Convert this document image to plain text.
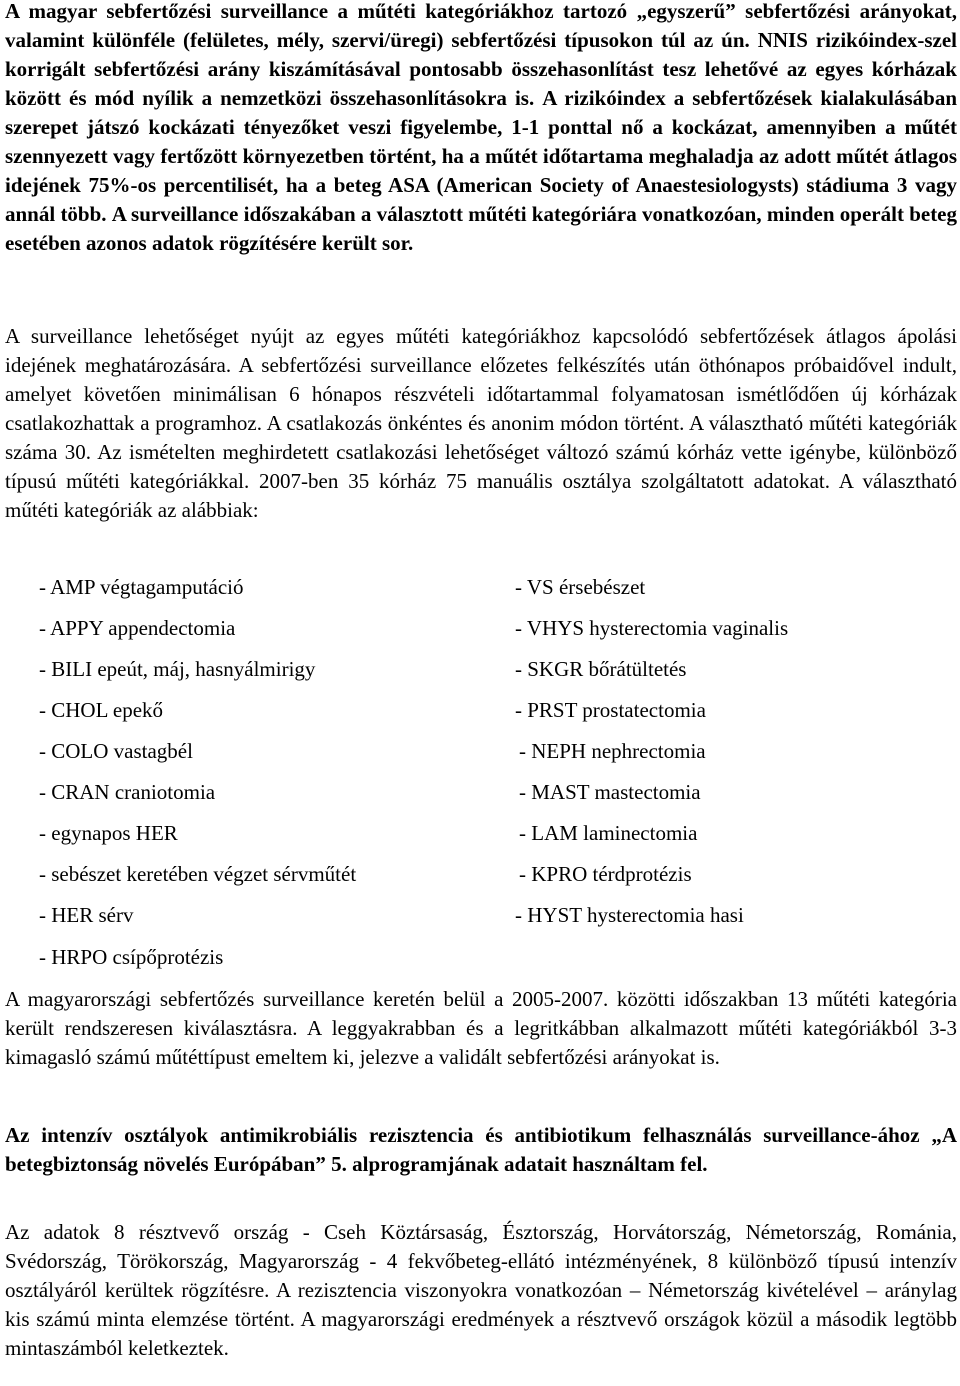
A magyar sebfertőzési surveillance a műtéti kategóriákhoz tartozó „egyszerű” sebfertőzési arányokat, valamint különféle (felületes, mély, szervi/üregi) sebfertőzési típusokon túl az ún. NNIS rizikóindex-szel korrigált sebfertőzési arány kiszámításával pontosabb összehasonlítást tesz lehetővé az egyes kórházak között és mód nyílik a nemzetközi összehasonlításokra is. A rizikóindex a sebfertőzések kialakulásában szerepet játszó kockázati tényezőket veszi figyelembe, 1-1 ponttal nő a kockázat, amennyiben a műtét szennyezett vagy fertőzött környezetben történt, ha a műtét időtartama meghaladja az adott műtét átlagos idejének 75%-os percentilisét, ha a beteg ASA (American Society of Anaestesiologysts) stádiuma 3 vagy annál több. A surveillance időszakában a választott műtéti kategóriára vonatkozóan, minden operált beteg esetében azonos adatok rögzítésére került sor.

A surveillance lehetőséget nyújt az egyes műtéti kategóriákhoz kapcsolódó sebfertőzések átlagos ápolási idejének meghatározására. A sebfertőzési surveillance előzetes felkészítés után öthónapos próbaidővel indult, amelyet követően minimálisan 6 hónapos részvételi időtartammal folyamatosan ismétlődően új kórházak csatlakozhattak a programhoz. A csatlakozás önkéntes és anonim módon történt. A választható műtéti kategóriák száma 30. Az ismételten meghirdetett csatlakozási lehetőséget változó számú kórház vette igénybe, különböző típusú műtéti kategóriákkal. 2007-ben 35 kórház 75 manuális osztálya szolgáltatott adatokat. A választható műtéti kategóriák az alábbiak:

- AMP végtagamputáció
- APPY appendectomia
- BILI epeút, máj, hasnyálmirigy
- CHOL epekő
- COLO vastagbél
- CRAN craniotomia
- egynapos HER
- sebészet keretében végzet sérvműtét
- HER sérv
- HRPO csípőprotézis
- VS érsebészet
- VHYS hysterectomia vaginalis
- SKGR bőrátültetés
- PRST prostatectomia
- NEPH nephrectomia
- MAST mastectomia
- LAM laminectomia
- KPRO térdprotézis
- HYST hysterectomia hasi

A magyarországi sebfertőzés surveillance keretén belül a 2005-2007. közötti időszakban 13 műtéti kategória került rendszeresen kiválasztásra. A leggyakrabban és a legritkábban alkalmazott műtéti kategóriákból 3-3 kimagasló számú műtéttípust emeltem ki, jelezve a validált sebfertőzési arányokat is.

Az intenzív osztályok antimikrobiális rezisztencia és antibiotikum felhasználás surveillance-ához „A betegbiztonság növelés Európában” 5. alprogramjának adatait használtam fel.

Az adatok 8 résztvevő ország - Cseh Köztársaság, Észtország, Horvátország, Németország, Románia, Svédország, Törökország, Magyarország - 4 fekvőbeteg-ellátó intézményének, 8 különböző típusú intenzív osztályáról kerültek rögzítésre. A rezisztencia viszonyokra vonatkozóan – Németország kivételével – aránylag kis számú minta elemzése történt. A magyarországi eredmények a résztvevő országok közül a második legtöbb mintaszámból keletkeztek.
